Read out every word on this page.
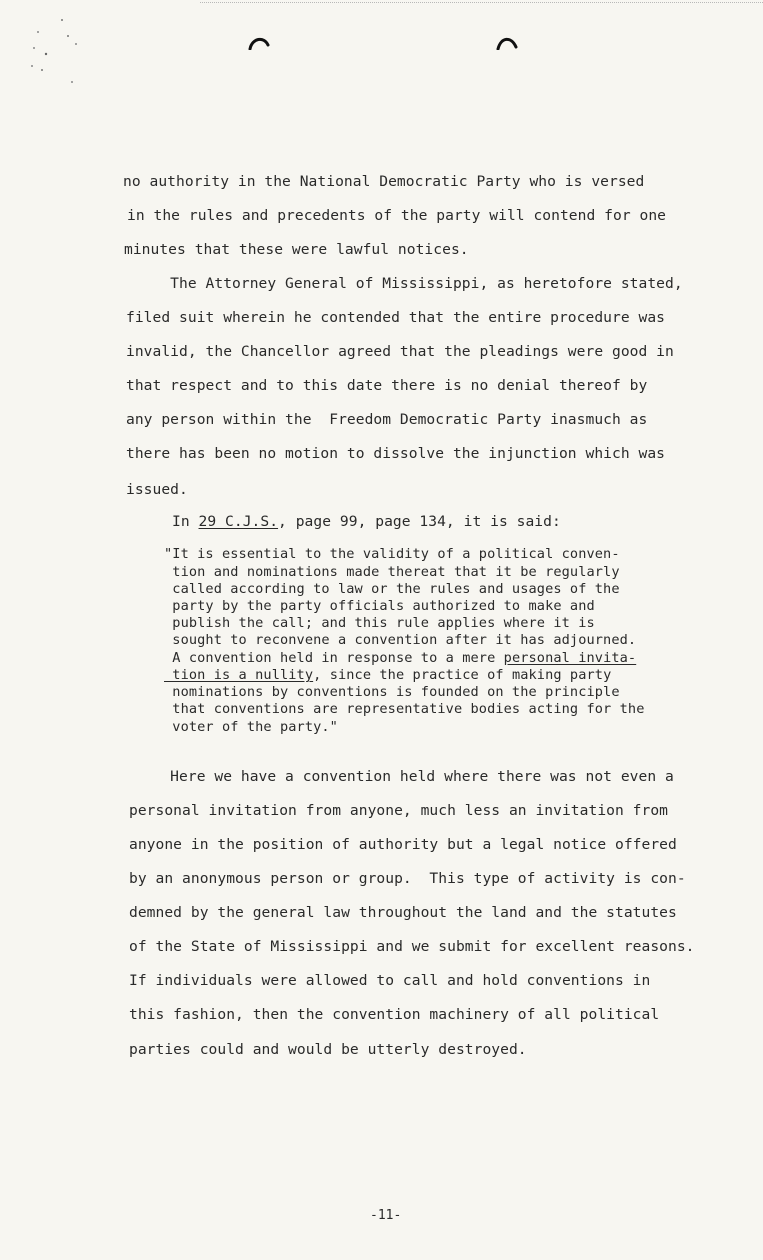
no authority in the National Democratic Party who is versed

in the rules and precedents of the party will contend for one

minutes that these were lawful notices.

The Attorney General of Mississippi, as heretofore stated,

filed suit wherein he contended that the entire procedure was

invalid, the Chancellor agreed that the pleadings were good in

that respect and to this date there is no denial thereof by

any person within the  Freedom Democratic Party inasmuch as

there has been no motion to dissolve the injunction which was

issued.

In 29 C.J.S., page 99, page 134, it is said:

"It is essential to the validity of a political conven-

tion and nominations made thereat that it be regularly

called according to law or the rules and usages of the

party by the party officials authorized to make and

publish the call; and this rule applies where it is

sought to reconvene a convention after it has adjourned.

A convention held in response to a mere personal invita-

tion is a nullity, since the practice of making party

nominations by conventions is founded on the principle

that conventions are representative bodies acting for the

voter of the party."

Here we have a convention held where there was not even a

personal invitation from anyone, much less an invitation from

anyone in the position of authority but a legal notice offered

by an anonymous person or group.  This type of activity is con-

demned by the general law throughout the land and the statutes

of the State of Mississippi and we submit for excellent reasons.

If individuals were allowed to call and hold conventions in

this fashion, then the convention machinery of all political

parties could and would be utterly destroyed.

-11-
